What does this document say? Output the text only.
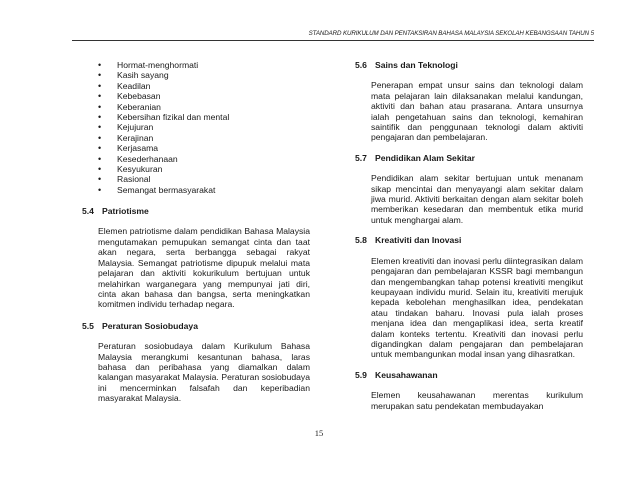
STANDARD KURIKULUM DAN PENTAKSIRAN BAHASA MALAYSIA SEKOLAH KEBANGSAAN TAHUN 5
• Hormat-menghormati
• Kasih sayang
• Keadilan
• Kebebasan
• Keberanian
• Kebersihan fizikal dan mental
• Kejujuran
• Kerajinan
• Kerjasama
• Kesederhanaan
• Kesyukuran
• Rasional
• Semangat bermasyarakat

5.4 Patriotisme

Elemen patriotisme dalam pendidikan Bahasa Malaysia mengutamakan pemupukan semangat cinta dan taat akan negara, serta berbangga sebagai rakyat Malaysia. Semangat patriotisme dipupuk melalui mata pelajaran dan aktiviti kokurikulum bertujuan untuk melahirkan warganegara yang mempunyai jati diri, cinta akan bahasa dan bangsa, serta meningkatkan komitmen individu terhadap negara.

5.5 Peraturan Sosiobudaya

Peraturan sosiobudaya dalam Kurikulum Bahasa Malaysia merangkumi kesantunan bahasa, laras bahasa dan peribahasa yang diamalkan dalam kalangan masyarakat Malaysia. Peraturan sosiobudaya ini mencerminkan falsafah dan keperibadian masyarakat Malaysia.

5.6 Sains dan Teknologi

Penerapan empat unsur sains dan teknologi dalam mata pelajaran lain dilaksanakan melalui kandungan, aktiviti dan bahan atau prasarana. Antara unsurnya ialah pengetahuan sains dan teknologi, kemahiran saintifik dan penggunaan teknologi dalam aktiviti pengajaran dan pembelajaran.

5.7 Pendidikan Alam Sekitar

Pendidikan alam sekitar bertujuan untuk menanam sikap mencintai dan menyayangi alam sekitar dalam jiwa murid. Aktiviti berkaitan dengan alam sekitar boleh memberikan kesedaran dan membentuk etika murid untuk menghargai alam.

5.8 Kreativiti dan Inovasi

Elemen kreativiti dan inovasi perlu diintegrasikan dalam pengajaran dan pembelajaran KSSR bagi membangun dan mengembangkan tahap potensi kreativiti mengikut keupayaan individu murid. Selain itu, kreativiti merujuk kepada kebolehan menghasilkan idea, pendekatan atau tindakan baharu. Inovasi pula ialah proses menjana idea dan mengaplikasi idea, serta kreatif dalam konteks tertentu. Kreativiti dan inovasi perlu digandingkan dalam pengajaran dan pembelajaran untuk membangunkan modal insan yang dihasratkan.

5.9 Keusahawanan

Elemen keusahawanan merentas kurikulum merupakan satu pendekatan membudayakan

15
